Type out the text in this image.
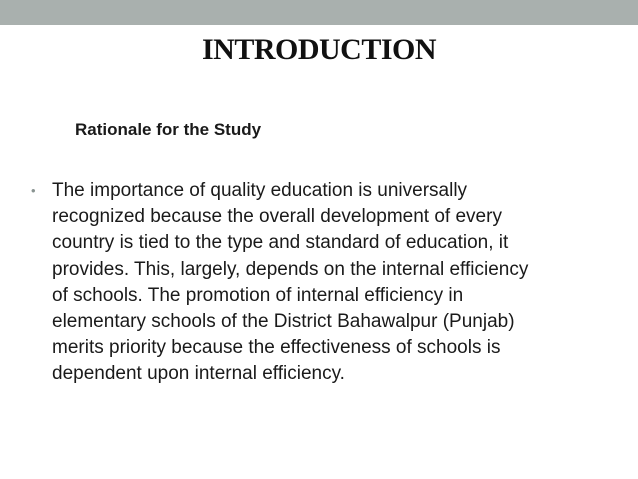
INTRODUCTION
Rationale for the Study
• The importance of quality education is universally
recognized because the overall development of every
country is tied to the type and standard of education, it
provides. This, largely, depends on the internal efficiency
of schools. The promotion of internal efficiency in
elementary schools of the District Bahawalpur (Punjab)
merits priority because the effectiveness of schools is
dependent upon internal efficiency.
